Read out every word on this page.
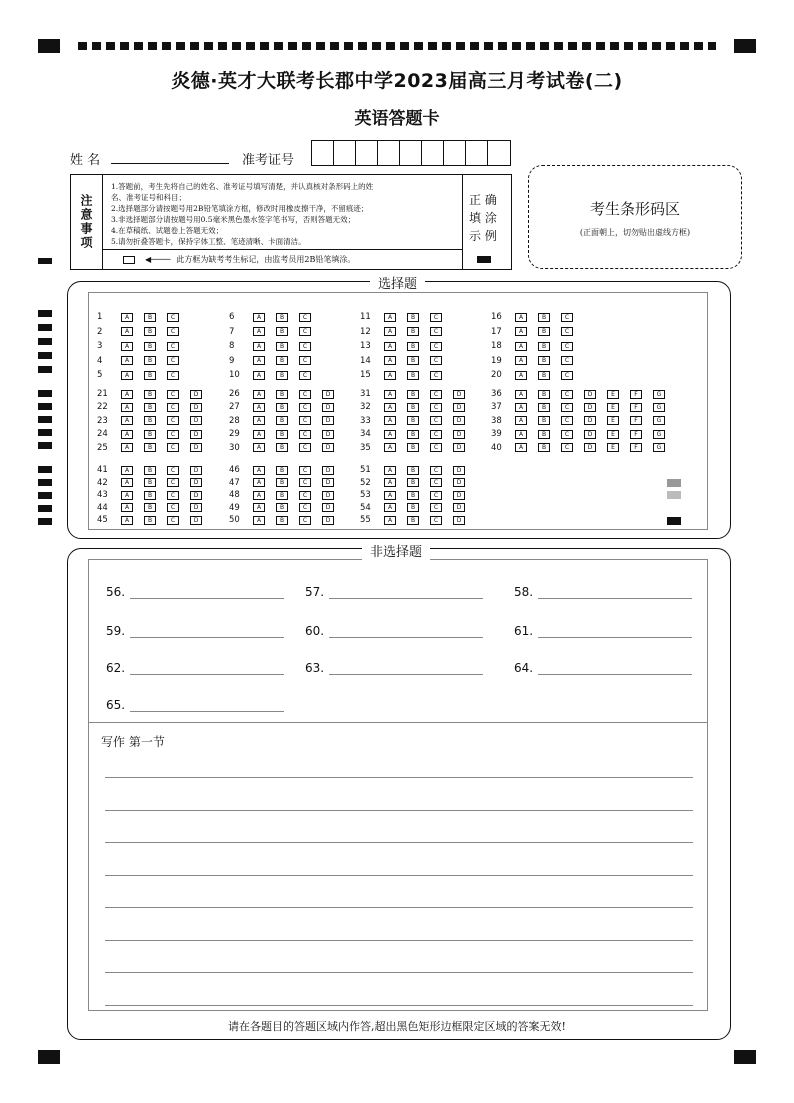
炎德·英才大联考长郡中学2023届高三月考试卷(二)
英语答题卡
姓 名	准考证号
注意事项
1.答题前，考生先将自己的姓名、准考证号填写清楚，并认真核对条形码上的姓
名、准考证号和科目；
2.选择题部分请按题号用2B铅笔填涂方框，修改时用橡皮擦干净，不留痕迹；
3.非选择题部分请按题号用0.5毫米黑色墨水签字笔书写，否则答题无效；
4.在草稿纸、试题卷上答题无效；
5.请勿折叠答题卡，保持字体工整、笔迹清晰、卡面清洁。
◀──── 此方框为缺考考生标记，由监考员用2B铅笔填涂。
正 确 填 涂 示 例
考生条形码区
(正面朝上，切勿贴出虚线方框)
选择题
1	A	B	C
2	A	B	C
3	A	B	C
4	A	B	C
5	A	B	C
6	A	B	C
7	A	B	C
8	A	B	C
9	A	B	C
10	A	B	C
11	A	B	C
12	A	B	C
13	A	B	C
14	A	B	C
15	A	B	C
16	A	B	C
17	A	B	C
18	A	B	C
19	A	B	C
20	A	B	C
21	A	B	C	D
22	A	B	C	D
23	A	B	C	D
24	A	B	C	D
25	A	B	C	D
26	A	B	C	D
27	A	B	C	D
28	A	B	C	D
29	A	B	C	D
30	A	B	C	D
31	A	B	C	D
32	A	B	C	D
33	A	B	C	D
34	A	B	C	D
35	A	B	C	D
36	A	B	C	D	E	F	G
37	A	B	C	D	E	F	G
38	A	B	C	D	E	F	G
39	A	B	C	D	E	F	G
40	A	B	C	D	E	F	G
41	A	B	C	D
42	A	B	C	D
43	A	B	C	D
44	A	B	C	D
45	A	B	C	D
46	A	B	C	D
47	A	B	C	D
48	A	B	C	D
49	A	B	C	D
50	A	B	C	D
51	A	B	C	D
52	A	B	C	D
53	A	B	C	D
54	A	B	C	D
55	A	B	C	D
非选择题
56.	57.	58.
59.	60.	61.
62.	63.	64.
65.
写作 第一节
请在各题目的答题区域内作答,超出黑色矩形边框限定区域的答案无效!
